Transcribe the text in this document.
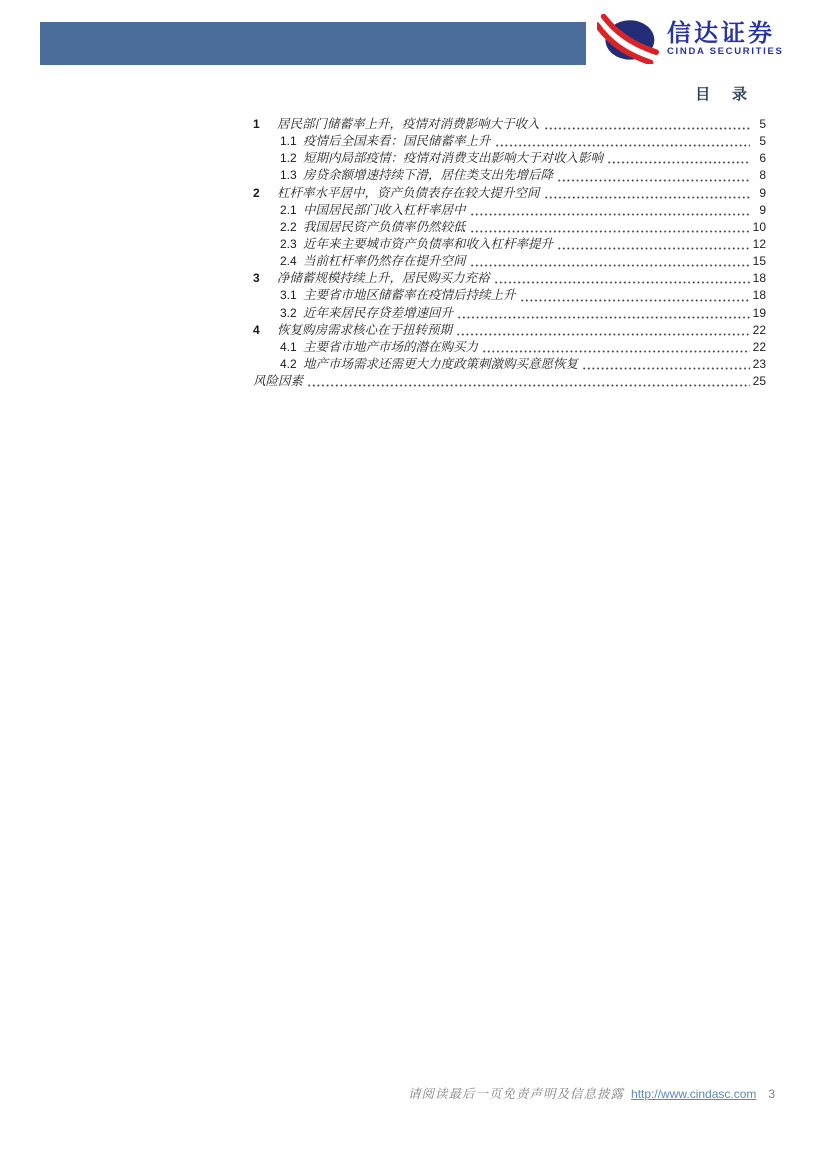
信达证券
CINDA SECURITIES
目 录
1	居民部门储蓄率上升，疫情对消费影响大于收入	5
1.1 疫情后全国来看：国民储蓄率上升	5
1.2 短期内局部疫情：疫情对消费支出影响大于对收入影响	6
1.3 房贷余额增速持续下滑，居住类支出先增后降	8
2	杠杆率水平居中，资产负债表存在较大提升空间	9
2.1 中国居民部门收入杠杆率居中	9
2.2 我国居民资产负债率仍然较低	10
2.3 近年来主要城市资产负债率和收入杠杆率提升	12
2.4 当前杠杆率仍然存在提升空间	15
3	净储蓄规模持续上升，居民购买力充裕	18
3.1 主要省市地区储蓄率在疫情后持续上升	18
3.2 近年来居民存贷差增速回升	19
4	恢复购房需求核心在于扭转预期	22
4.1 主要省市地产市场的潜在购买力	22
4.2 地产市场需求还需更大力度政策刺激购买意愿恢复	23
风险因素	25
请阅读最后一页免责声明及信息披露 http://www.cindasc.com 3
